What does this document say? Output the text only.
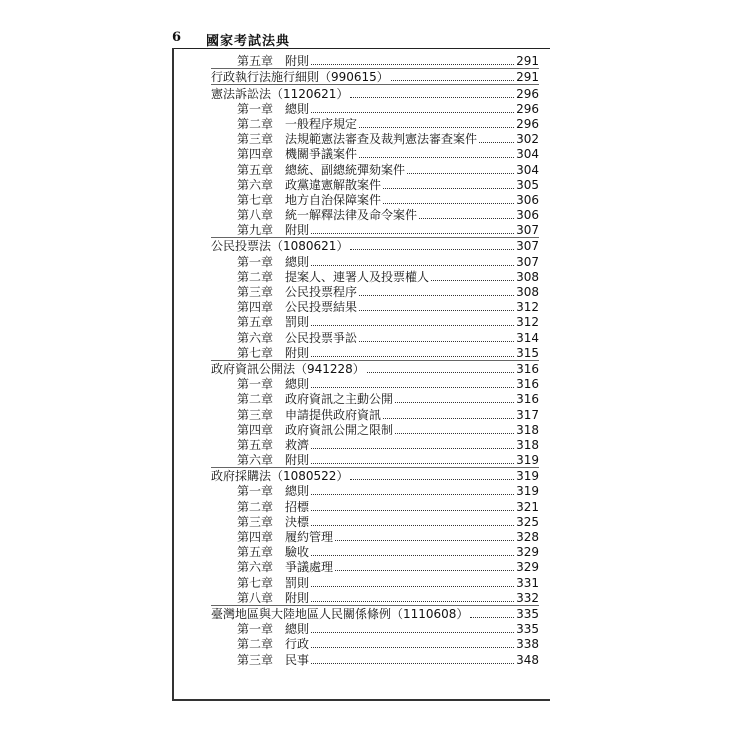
6 國家考試法典
第五章 附則	291
行政執行法施行細則（990615）	291
憲法訴訟法（1120621）	296
第一章 總則	296
第二章 一般程序規定	296
第三章 法規範憲法審查及裁判憲法審查案件	302
第四章 機關爭議案件	304
第五章 總統、副總統彈劾案件	304
第六章 政黨違憲解散案件	305
第七章 地方自治保障案件	306
第八章 統一解釋法律及命令案件	306
第九章 附則	307
公民投票法（1080621）	307
第一章 總則	307
第二章 提案人、連署人及投票權人	308
第三章 公民投票程序	308
第四章 公民投票結果	312
第五章 罰則	312
第六章 公民投票爭訟	314
第七章 附則	315
政府資訊公開法（941228）	316
第一章 總則	316
第二章 政府資訊之主動公開	316
第三章 申請提供政府資訊	317
第四章 政府資訊公開之限制	318
第五章 救濟	318
第六章 附則	319
政府採購法（1080522）	319
第一章 總則	319
第二章 招標	321
第三章 決標	325
第四章 履約管理	328
第五章 驗收	329
第六章 爭議處理	329
第七章 罰則	331
第八章 附則	332
臺灣地區與大陸地區人民關係條例（1110608）	335
第一章 總則	335
第二章 行政	338
第三章 民事	348
